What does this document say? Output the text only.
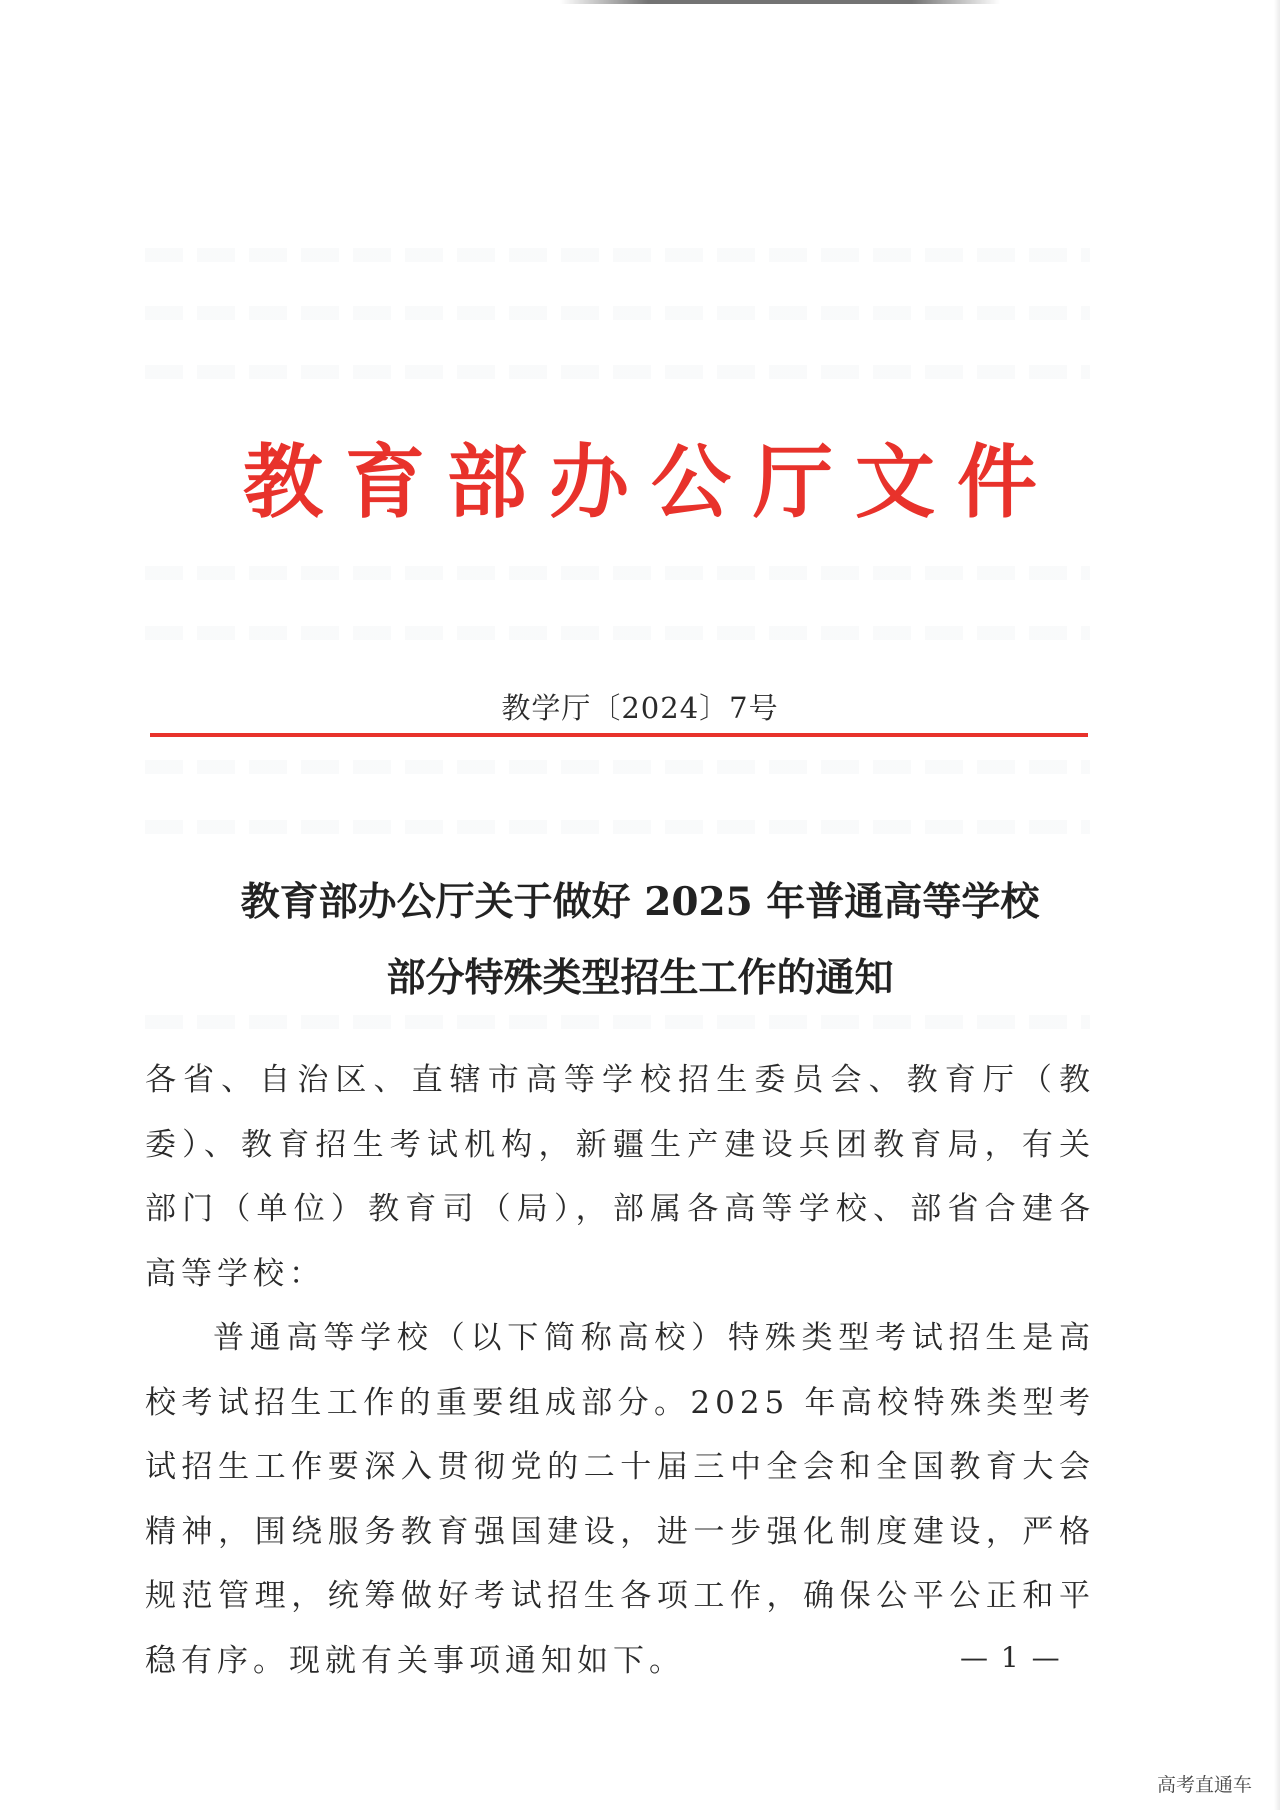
教育部办公厅文件
教学厅〔2024〕7号
教育部办公厅关于做好 2025 年普通高等学校
部分特殊类型招生工作的通知

各省、自治区、直辖市高等学校招生委员会、教育厅（教委）、教育招生考试机构，新疆生产建设兵团教育局，有关部门（单位）教育司（局），部属各高等学校、部省合建各高等学校：

普通高等学校（以下简称高校）特殊类型考试招生是高校考试招生工作的重要组成部分。2025 年高校特殊类型考试招生工作要深入贯彻党的二十届三中全会和全国教育大会精神，围绕服务教育强国建设，进一步强化制度建设，严格规范管理，统筹做好考试招生各项工作，确保公平公正和平稳有序。现就有关事项通知如下。	— 1 —
高考直通车
